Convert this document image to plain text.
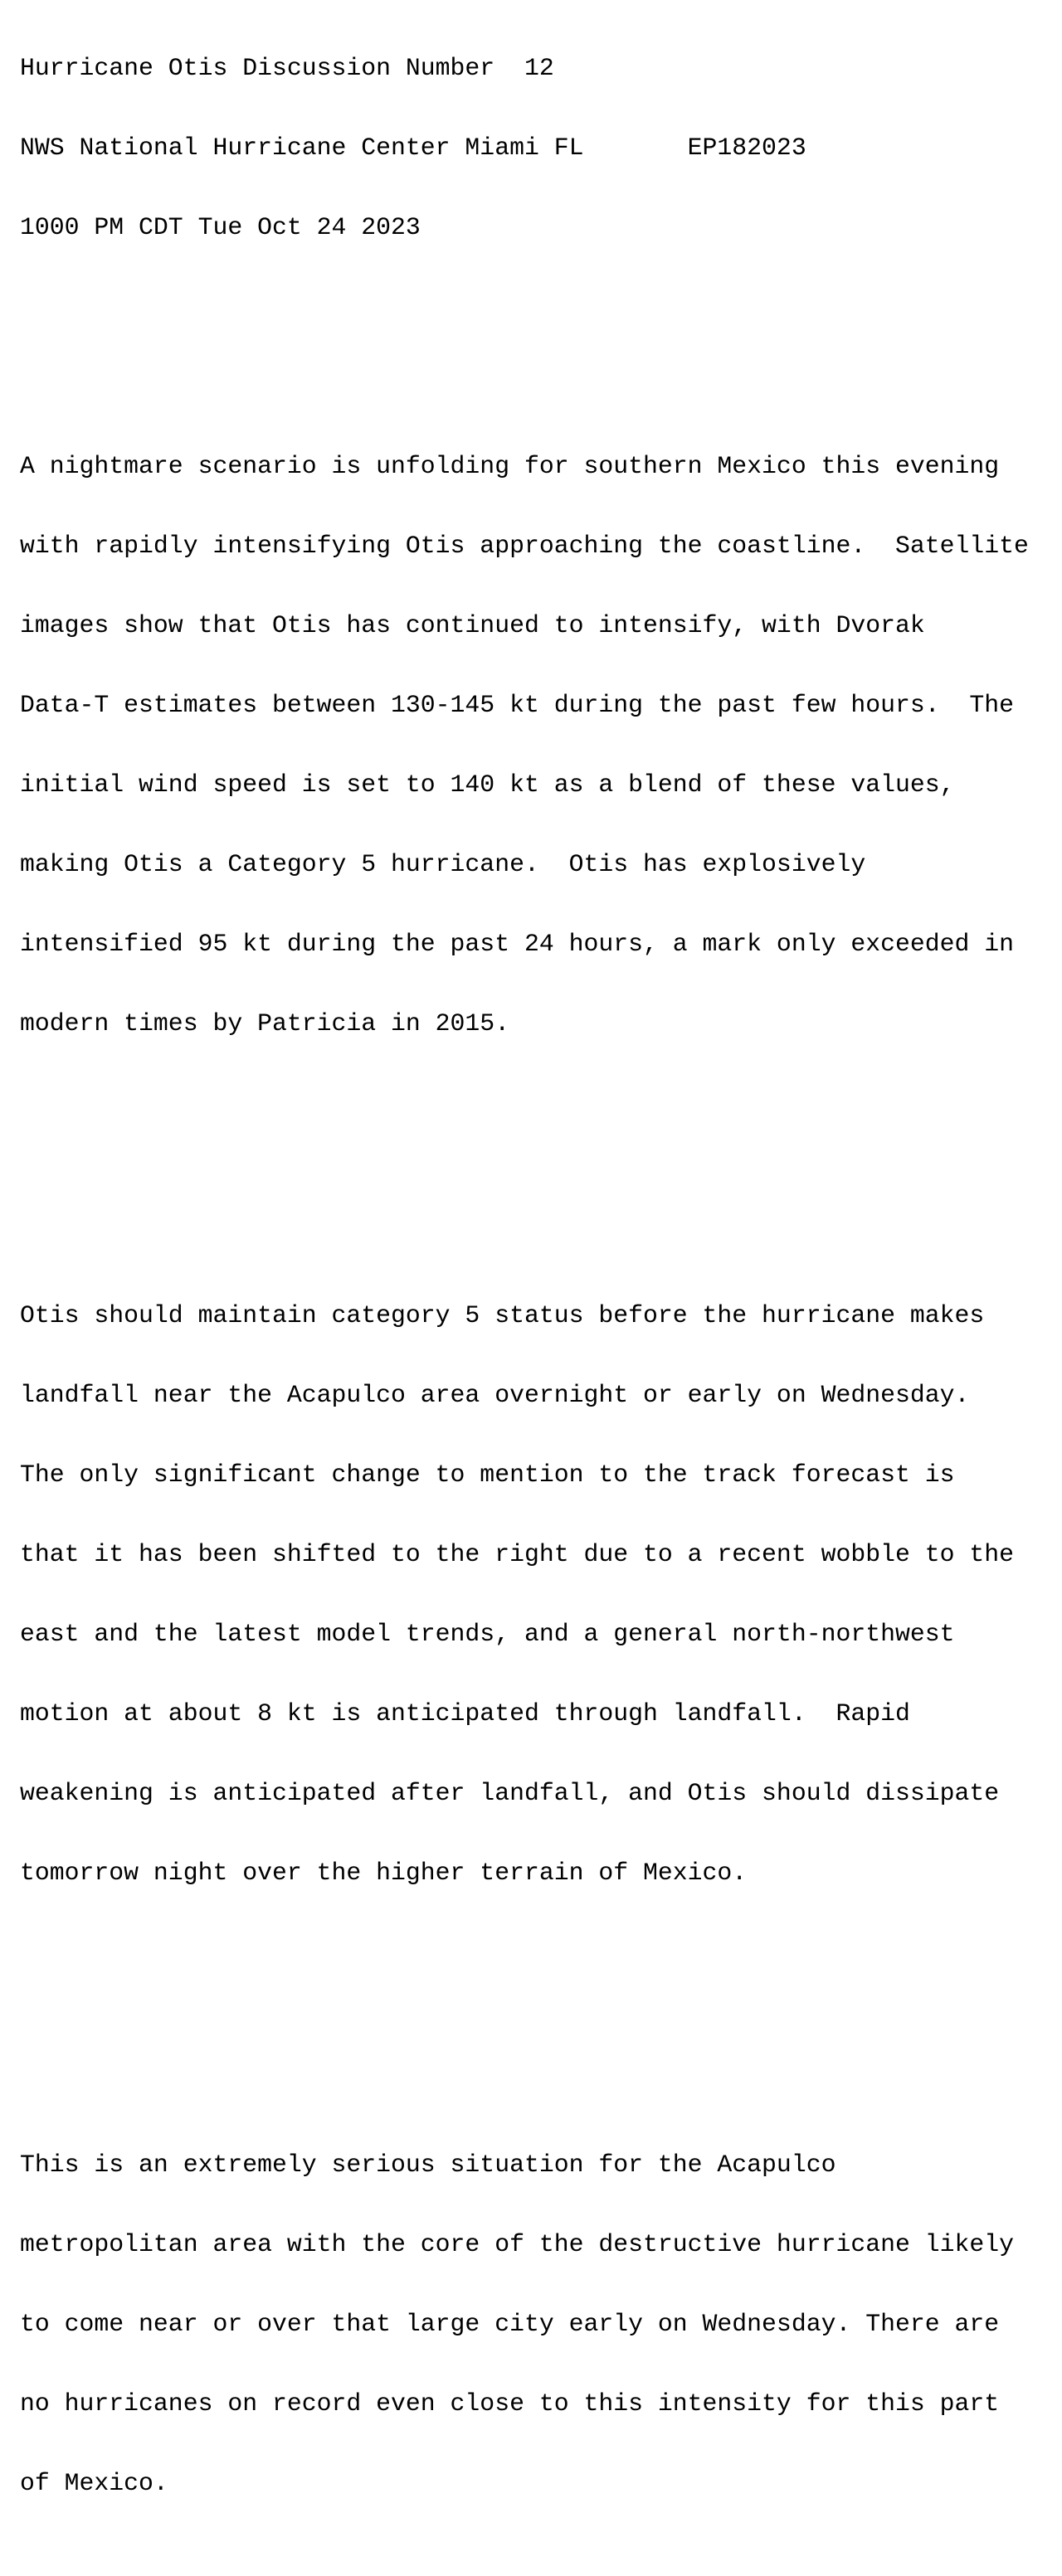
Hurricane Otis Discussion Number  12

NWS National Hurricane Center Miami FL       EP182023

1000 PM CDT Tue Oct 24 2023

A nightmare scenario is unfolding for southern Mexico this evening

with rapidly intensifying Otis approaching the coastline.  Satellite

images show that Otis has continued to intensify, with Dvorak

Data-T estimates between 130-145 kt during the past few hours.  The

initial wind speed is set to 140 kt as a blend of these values,

making Otis a Category 5 hurricane.  Otis has explosively

intensified 95 kt during the past 24 hours, a mark only exceeded in

modern times by Patricia in 2015.

Otis should maintain category 5 status before the hurricane makes

landfall near the Acapulco area overnight or early on Wednesday.

The only significant change to mention to the track forecast is

that it has been shifted to the right due to a recent wobble to the

east and the latest model trends, and a general north-northwest

motion at about 8 kt is anticipated through landfall.  Rapid

weakening is anticipated after landfall, and Otis should dissipate

tomorrow night over the higher terrain of Mexico.

This is an extremely serious situation for the Acapulco

metropolitan area with the core of the destructive hurricane likely

to come near or over that large city early on Wednesday. There are

no hurricanes on record even close to this intensity for this part

of Mexico.
